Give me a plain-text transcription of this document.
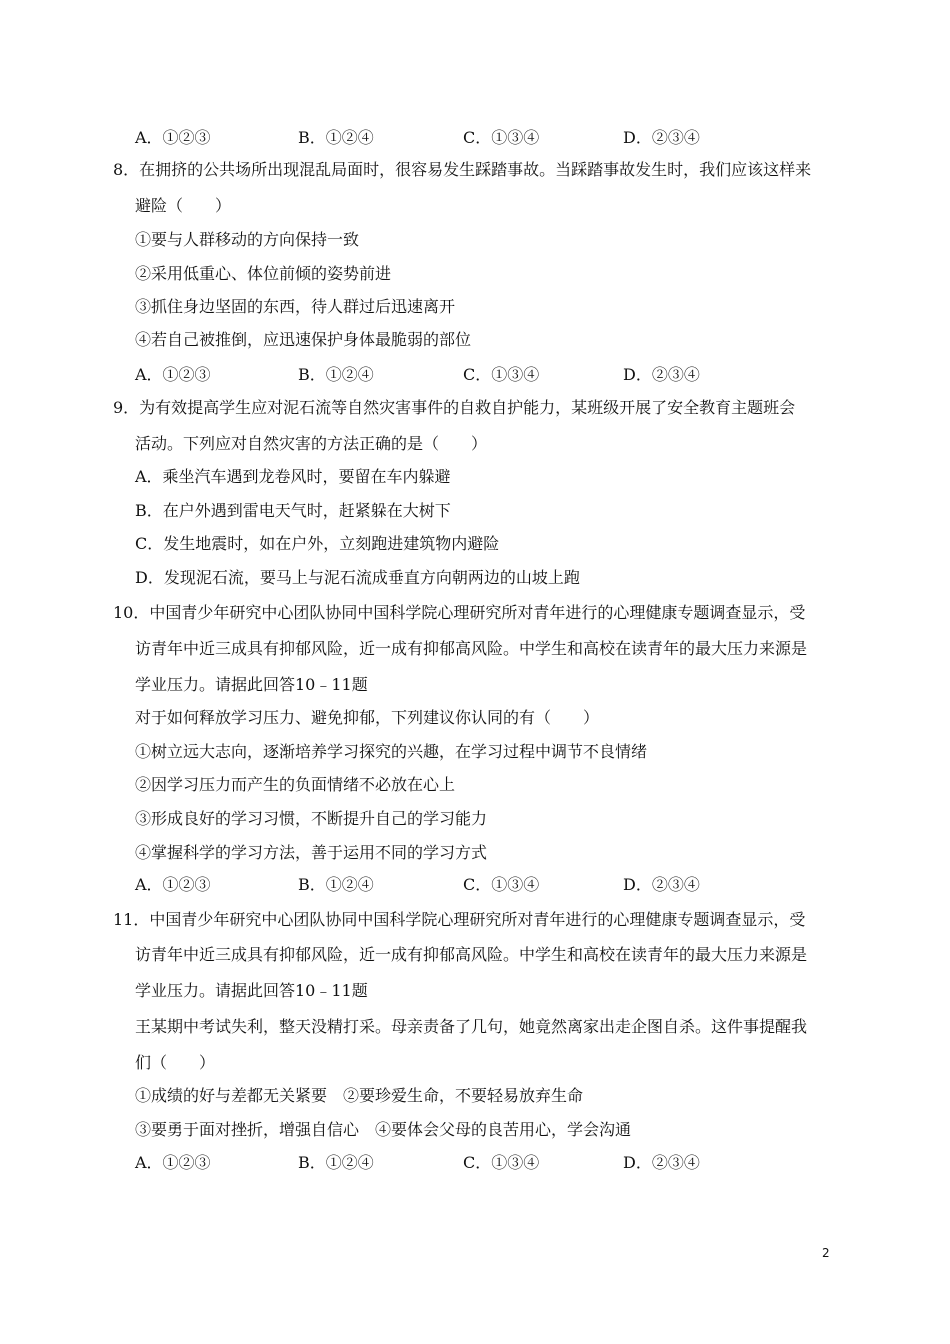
A．①②③	B．①②④	C．①③④	D．②③④
8．在拥挤的公共场所出现混乱局面时，很容易发生踩踏事故。当踩踏事故发生时，我们应该这样来
避险（　　）
①要与人群移动的方向保持一致
②采用低重心、体位前倾的姿势前进
③抓住身边坚固的东西，待人群过后迅速离开
④若自己被推倒，应迅速保护身体最脆弱的部位
A．①②③	B．①②④	C．①③④	D．②③④
9．为有效提高学生应对泥石流等自然灾害事件的自救自护能力，某班级开展了安全教育主题班会
活动。下列应对自然灾害的方法正确的是（　　）
A．乘坐汽车遇到龙卷风时，要留在车内躲避
B．在户外遇到雷电天气时，赶紧躲在大树下
C．发生地震时，如在户外，立刻跑进建筑物内避险
D．发现泥石流，要马上与泥石流成垂直方向朝两边的山坡上跑
10．中国青少年研究中心团队协同中国科学院心理研究所对青年进行的心理健康专题调查显示，受
访青年中近三成具有抑郁风险，近一成有抑郁高风险。中学生和高校在读青年的最大压力来源是
学业压力。请据此回答10﹣11题
对于如何释放学习压力、避免抑郁，下列建议你认同的有（　　）
①树立远大志向，逐渐培养学习探究的兴趣，在学习过程中调节不良情绪
②因学习压力而产生的负面情绪不必放在心上
③形成良好的学习习惯，不断提升自己的学习能力
④掌握科学的学习方法，善于运用不同的学习方式
A．①②③	B．①②④	C．①③④	D．②③④
11．中国青少年研究中心团队协同中国科学院心理研究所对青年进行的心理健康专题调查显示，受
访青年中近三成具有抑郁风险，近一成有抑郁高风险。中学生和高校在读青年的最大压力来源是
学业压力。请据此回答10﹣11题
王某期中考试失利，整天没精打采。母亲责备了几句，她竟然离家出走企图自杀。这件事提醒我
们（　　）
①成绩的好与差都无关紧要　②要珍爱生命，不要轻易放弃生命
③要勇于面对挫折，增强自信心　④要体会父母的良苦用心，学会沟通
A．①②③	B．①②④	C．①③④	D．②③④
2
